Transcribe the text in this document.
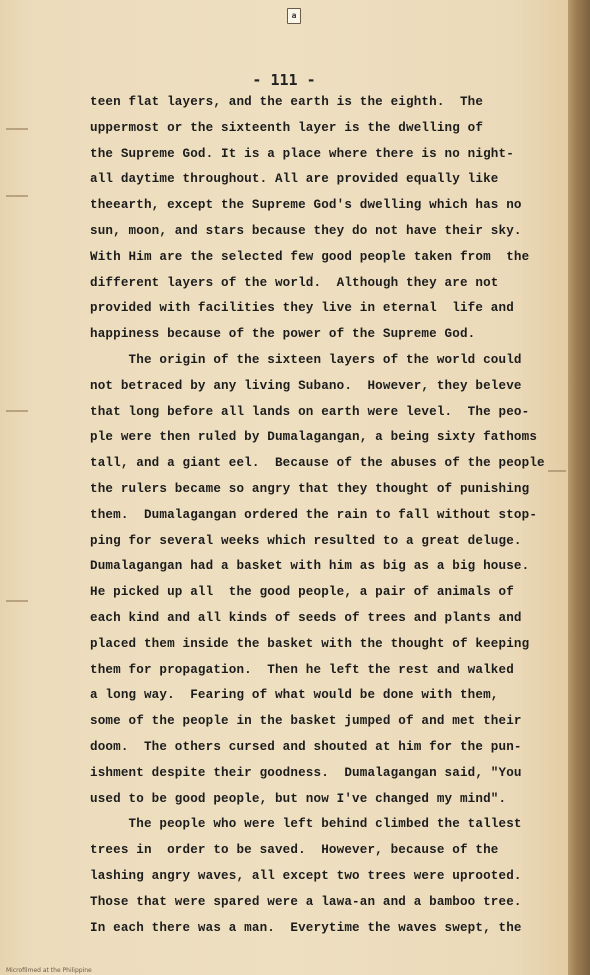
a
- 111 -
teen flat layers, and the earth is the eighth.  The
uppermost or the sixteenth layer is the dwelling of
the Supreme God. It is a place where there is no night-
all daytime throughout. All are provided equally like
theearth, except the Supreme God's dwelling which has no
sun, moon, and stars because they do not have their sky.
With Him are the selected few good people taken from  the
different layers of the world.  Although they are not
provided with facilities they live in eternal  life and
happiness because of the power of the Supreme God.
The origin of the sixteen layers of the world could
not betraced by any living Subano.  However, they beleve
that long before all lands on earth were level.  The peo-
ple were then ruled by Dumalagangan, a being sixty fathoms
tall, and a giant eel.  Because of the abuses of the people
the rulers became so angry that they thought of punishing
them.  Dumalagangan ordered the rain to fall without stop-
ping for several weeks which resulted to a great deluge.
Dumalagangan had a basket with him as big as a big house.
He picked up all  the good people, a pair of animals of
each kind and all kinds of seeds of trees and plants and
placed them inside the basket with the thought of keeping
them for propagation.  Then he left the rest and walked
a long way.  Fearing of what would be done with them,
some of the people in the basket jumped of and met their
doom.  The others cursed and shouted at him for the pun-
ishment despite their goodness.  Dumalagangan said, "You
used to be good people, but now I've changed my mind".
The people who were left behind climbed the tallest
trees in  order to be saved.  However, because of the
lashing angry waves, all except two trees were uprooted.
Those that were spared were a lawa-an and a bamboo tree.
In each there was a man.  Everytime the waves swept, the
Microfilmed at the Philippine
